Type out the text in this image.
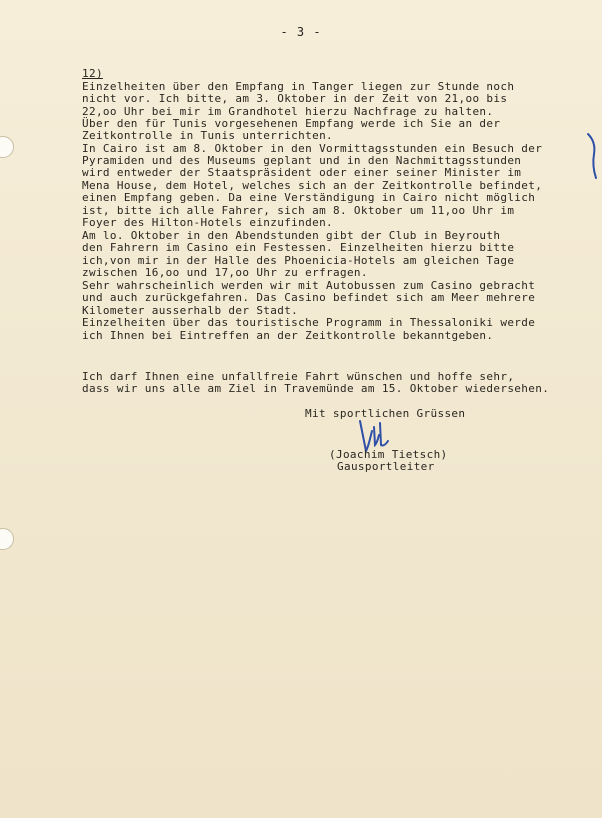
- 3 -
12)
Einzelheiten über den Empfang in Tanger liegen zur Stunde noch
nicht vor. Ich bitte, am 3. Oktober in der Zeit von 21,oo bis
22,oo Uhr bei mir im Grandhotel hierzu Nachfrage zu halten.
Über den für Tunis vorgesehenen Empfang werde ich Sie an der
Zeitkontrolle in Tunis unterrichten.
In Cairo ist am 8. Oktober in den Vormittagsstunden ein Besuch der
Pyramiden und des Museums geplant und in den Nachmittagsstunden
wird entweder der Staatspräsident oder einer seiner Minister im
Mena House, dem Hotel, welches sich an der Zeitkontrolle befindet,
einen Empfang geben. Da eine Verständigung in Cairo nicht möglich
ist, bitte ich alle Fahrer, sich am 8. Oktober um 11,oo Uhr im
Foyer des Hilton-Hotels einzufinden.
Am lo. Oktober in den Abendstunden gibt der Club in Beyrouth
den Fahrern im Casino ein Festessen. Einzelheiten hierzu bitte
ich,von mir in der Halle des Phoenicia-Hotels am gleichen Tage
zwischen 16,oo und 17,oo Uhr zu erfragen.
Sehr wahrscheinlich werden wir mit Autobussen zum Casino gebracht
und auch zurückgefahren. Das Casino befindet sich am Meer mehrere
Kilometer ausserhalb der Stadt.
Einzelheiten über das touristische Programm in Thessaloniki werde
ich Ihnen bei Eintreffen an der Zeitkontrolle bekanntgeben.
Ich darf Ihnen eine unfallfreie Fahrt wünschen und hoffe sehr,
dass wir uns alle am Ziel in Travemünde am 15. Oktober wiedersehen.
Mit sportlichen Grüssen
(Joachim Tietsch)
Gausportleiter
